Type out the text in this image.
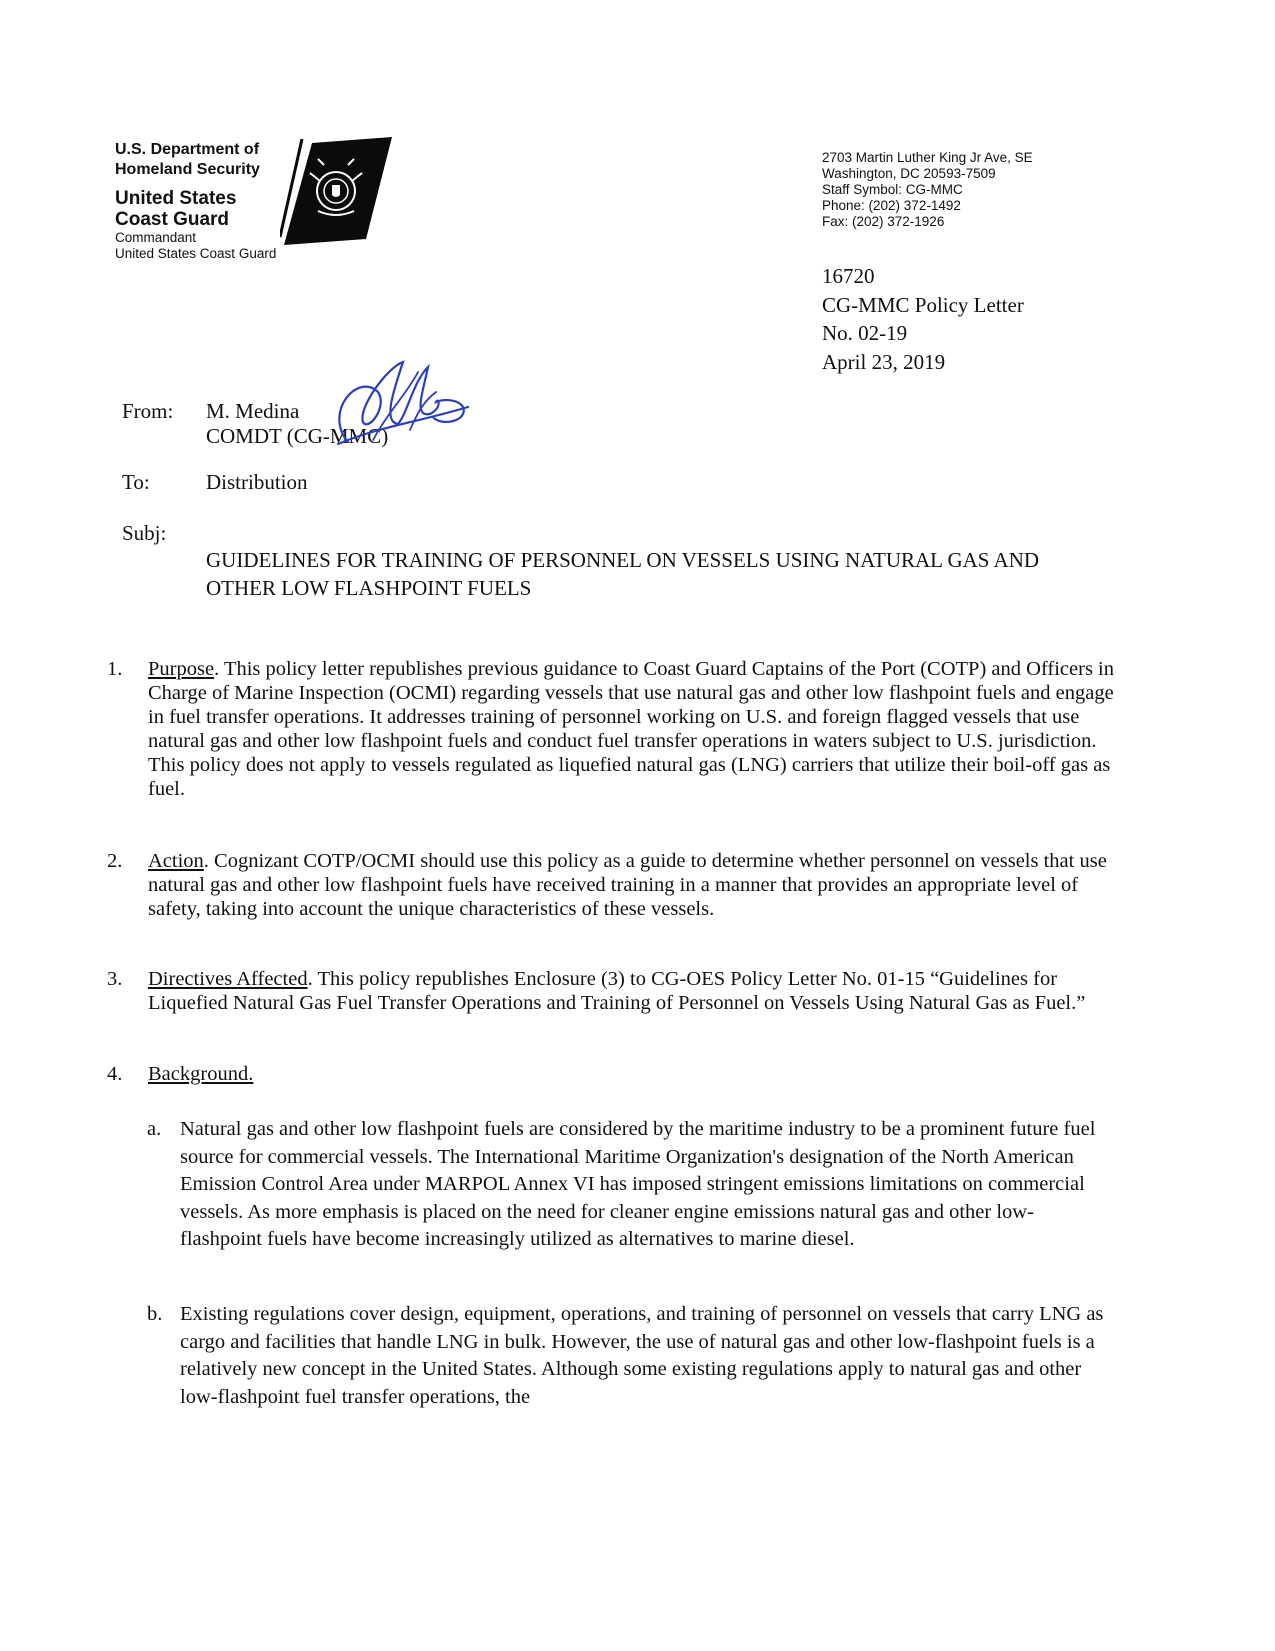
U.S. Department of
Homeland Security
United States
Coast Guard
Commandant
United States Coast Guard
2703 Martin Luther King Jr Ave, SE
Washington, DC 20593-7509
Staff Symbol: CG-MMC
Phone: (202) 372-1492
Fax: (202) 372-1926
16720
CG-MMC Policy Letter
No. 02-19
April 23, 2019
From: M. Medina
COMDT (CG-MMC)
To:	Distribution
Subj:
GUIDELINES FOR TRAINING OF PERSONNEL ON VESSELS USING NATURAL GAS AND OTHER LOW FLASHPOINT FUELS
1. Purpose. This policy letter republishes previous guidance to Coast Guard Captains of the Port (COTP) and Officers in Charge of Marine Inspection (OCMI) regarding vessels that use natural gas and other low flashpoint fuels and engage in fuel transfer operations. It addresses training of personnel working on U.S. and foreign flagged vessels that use natural gas and other low flashpoint fuels and conduct fuel transfer operations in waters subject to U.S. jurisdiction. This policy does not apply to vessels regulated as liquefied natural gas (LNG) carriers that utilize their boil-off gas as fuel.
2. Action. Cognizant COTP/OCMI should use this policy as a guide to determine whether personnel on vessels that use natural gas and other low flashpoint fuels have received training in a manner that provides an appropriate level of safety, taking into account the unique characteristics of these vessels.
3. Directives Affected. This policy republishes Enclosure (3) to CG-OES Policy Letter No. 01-15 “Guidelines for Liquefied Natural Gas Fuel Transfer Operations and Training of Personnel on Vessels Using Natural Gas as Fuel.”
4. Background.
a. Natural gas and other low flashpoint fuels are considered by the maritime industry to be a prominent future fuel source for commercial vessels. The International Maritime Organization's designation of the North American Emission Control Area under MARPOL Annex VI has imposed stringent emissions limitations on commercial vessels. As more emphasis is placed on the need for cleaner engine emissions natural gas and other low-flashpoint fuels have become increasingly utilized as alternatives to marine diesel.
b. Existing regulations cover design, equipment, operations, and training of personnel on vessels that carry LNG as cargo and facilities that handle LNG in bulk. However, the use of natural gas and other low-flashpoint fuels is a relatively new concept in the United States. Although some existing regulations apply to natural gas and other low-flashpoint fuel transfer operations, the
